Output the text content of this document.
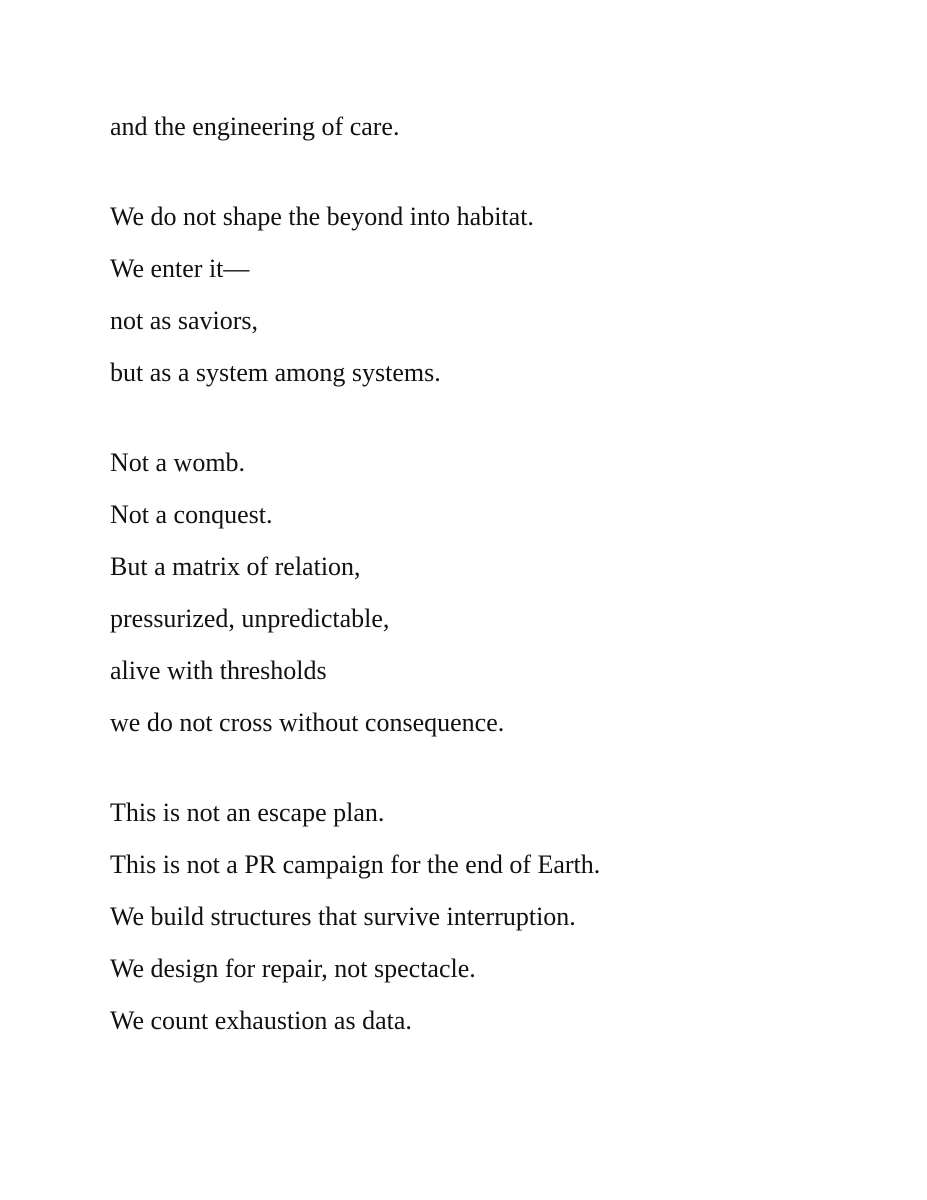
and the engineering of care.
We do not shape the beyond into habitat.
We enter it—
not as saviors,
but as a system among systems.
Not a womb.
Not a conquest.
But a matrix of relation,
pressurized, unpredictable,
alive with thresholds
we do not cross without consequence.
This is not an escape plan.
This is not a PR campaign for the end of Earth.
We build structures that survive interruption.
We design for repair, not spectacle.
We count exhaustion as data.
